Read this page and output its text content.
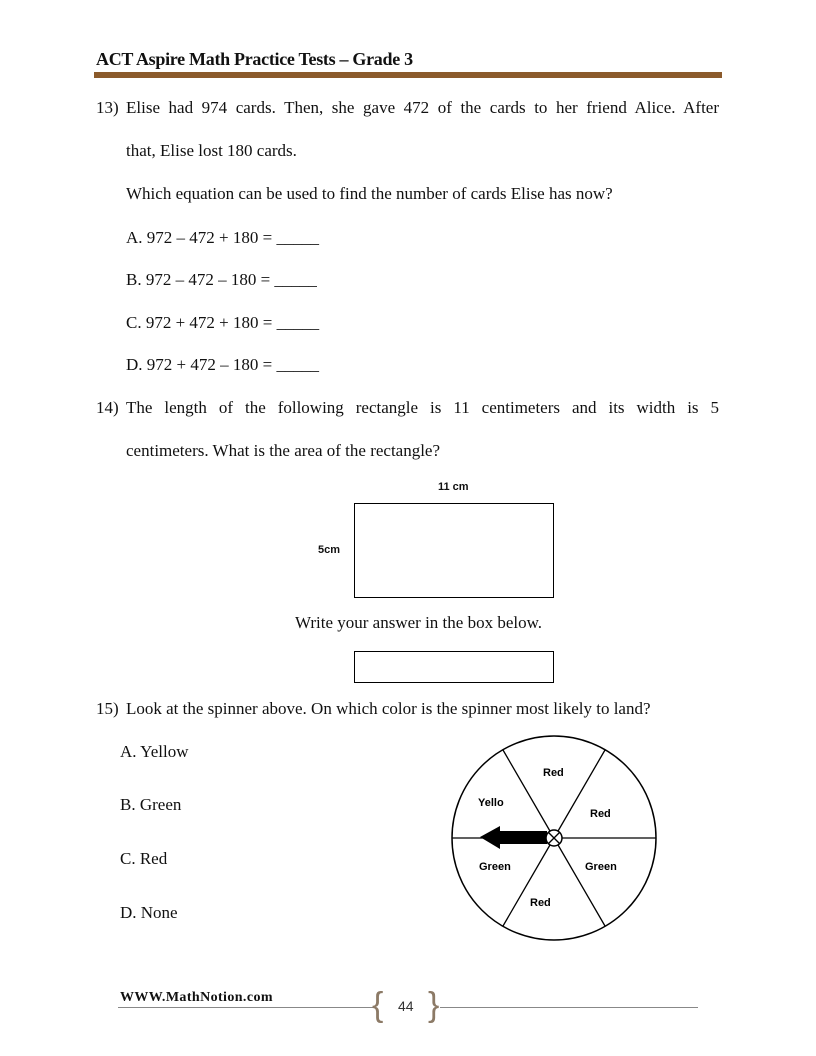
ACT Aspire Math Practice Tests – Grade 3
13) Elise had 974 cards. Then, she gave 472 of the cards to her friend Alice. After
that, Elise lost 180 cards.
Which equation can be used to find the number of cards Elise has now?
A. 972 – 472 + 180 = _____
B. 972 – 472 – 180 = _____
C. 972 + 472 + 180 = _____
D. 972 + 472 – 180 = _____
14) The length of the following rectangle is 11 centimeters and its width is 5
centimeters. What is the area of the rectangle?
11 cm
5cm
Write your answer in the box below.
15) Look at the spinner above. On which color is the spinner most likely to land?
A. Yellow
B. Green
C. Red
D. None
Red
Red
Green
Red
Green
Yello
WWW.MathNotion.com	{ }
44
